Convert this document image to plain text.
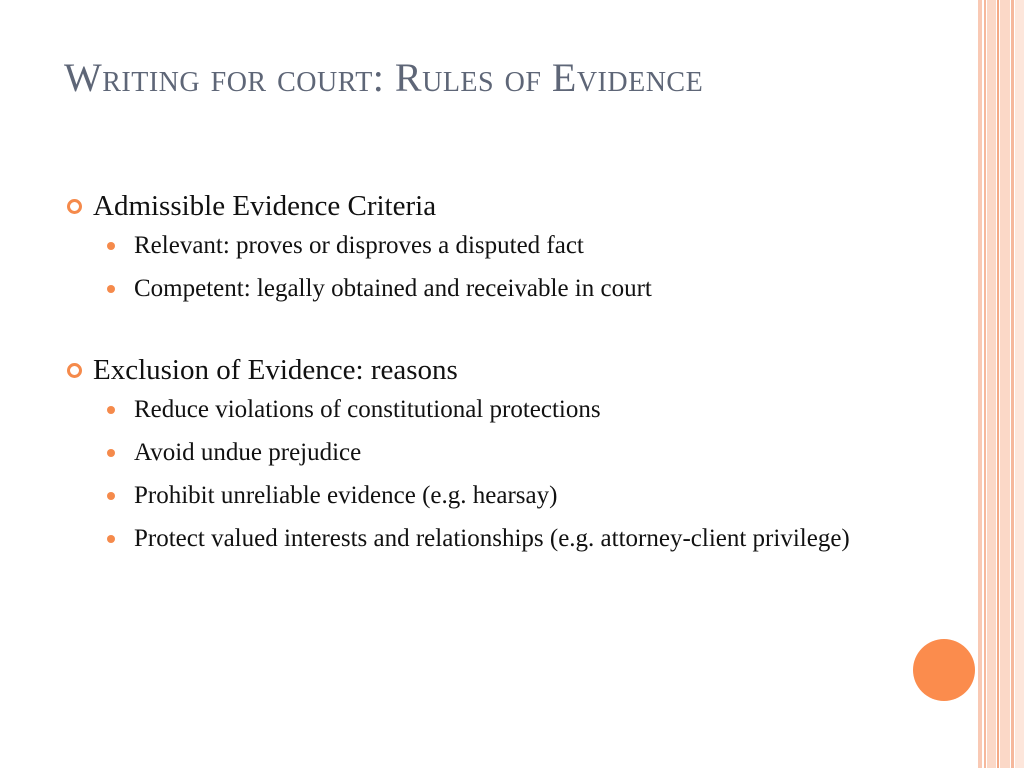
Writing for court: Rules of Evidence
Admissible Evidence Criteria
Relevant: proves or disproves a disputed fact
Competent: legally obtained and receivable in court
Exclusion of Evidence: reasons
Reduce violations of constitutional protections
Avoid undue prejudice
Prohibit unreliable evidence (e.g. hearsay)
Protect valued interests and relationships (e.g. attorney-client privilege)
